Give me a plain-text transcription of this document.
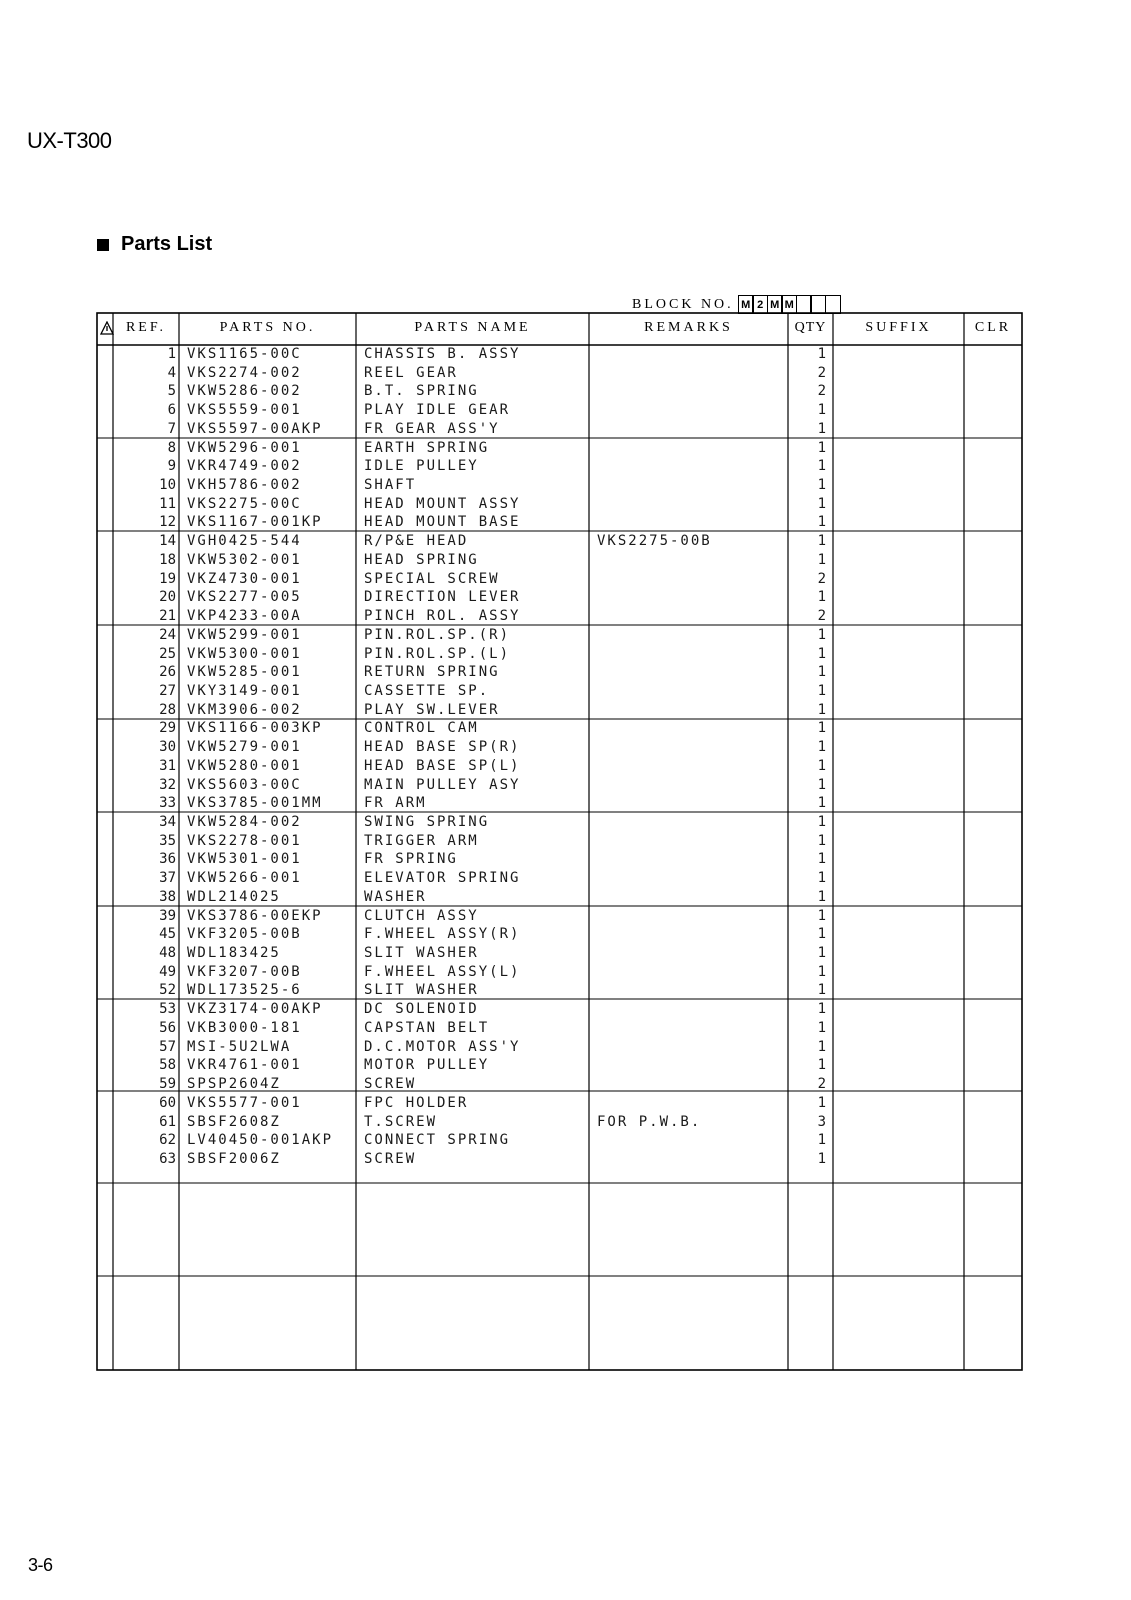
UX-T300
Parts List
BLOCK NO. M 2 M M
REF.	PARTS NO.	PARTS NAME	REMARKS	QTY	SUFFIX	CLR
1 VKS1165-00C	CHASSIS B. ASSY	1
4 VKS2274-002	REEL GEAR	2
5 VKW5286-002	B.T. SPRING	2
6 VKS5559-001	PLAY IDLE GEAR	1
7 VKS5597-00AKP	FR GEAR ASS'Y	1
8 VKW5296-001	EARTH SPRING	1
9 VKR4749-002	IDLE PULLEY	1
10 VKH5786-002	SHAFT	1
11 VKS2275-00C	HEAD MOUNT ASSY	1
12 VKS1167-001KP	HEAD MOUNT BASE	1
14 VGH0425-544	R/P&E HEAD	VKS2275-00B	1
18 VKW5302-001	HEAD SPRING	1
19 VKZ4730-001	SPECIAL SCREW	2
20 VKS2277-005	DIRECTION LEVER	1
21 VKP4233-00A	PINCH ROL. ASSY	2
24 VKW5299-001	PIN.ROL.SP.(R)	1
25 VKW5300-001	PIN.ROL.SP.(L)	1
26 VKW5285-001	RETURN SPRING	1
27 VKY3149-001	CASSETTE SP.	1
28 VKM3906-002	PLAY SW.LEVER	1
29 VKS1166-003KP	CONTROL CAM	1
30 VKW5279-001	HEAD BASE SP(R)	1
31 VKW5280-001	HEAD BASE SP(L)	1
32 VKS5603-00C	MAIN PULLEY ASY	1
33 VKS3785-001MM	FR ARM	1
34 VKW5284-002	SWING SPRING	1
35 VKS2278-001	TRIGGER ARM	1
36 VKW5301-001	FR SPRING	1
37 VKW5266-001	ELEVATOR SPRING	1
38 WDL214025	WASHER	1
39 VKS3786-00EKP	CLUTCH ASSY	1
45 VKF3205-00B	F.WHEEL ASSY(R)	1
48 WDL183425	SLIT WASHER	1
49 VKF3207-00B	F.WHEEL ASSY(L)	1
52 WDL173525-6	SLIT WASHER	1
53 VKZ3174-00AKP	DC SOLENOID	1
56 VKB3000-181	CAPSTAN BELT	1
57 MSI-5U2LWA	D.C.MOTOR ASS'Y	1
58 VKR4761-001	MOTOR PULLEY	1
59 SPSP2604Z	SCREW	2
60 VKS5577-001	FPC HOLDER	1
61 SBSF2608Z	T.SCREW	FOR P.W.B.	3
62 LV40450-001AKP CONNECT SPRING	1
63 SBSF2006Z	SCREW	1
3-6
